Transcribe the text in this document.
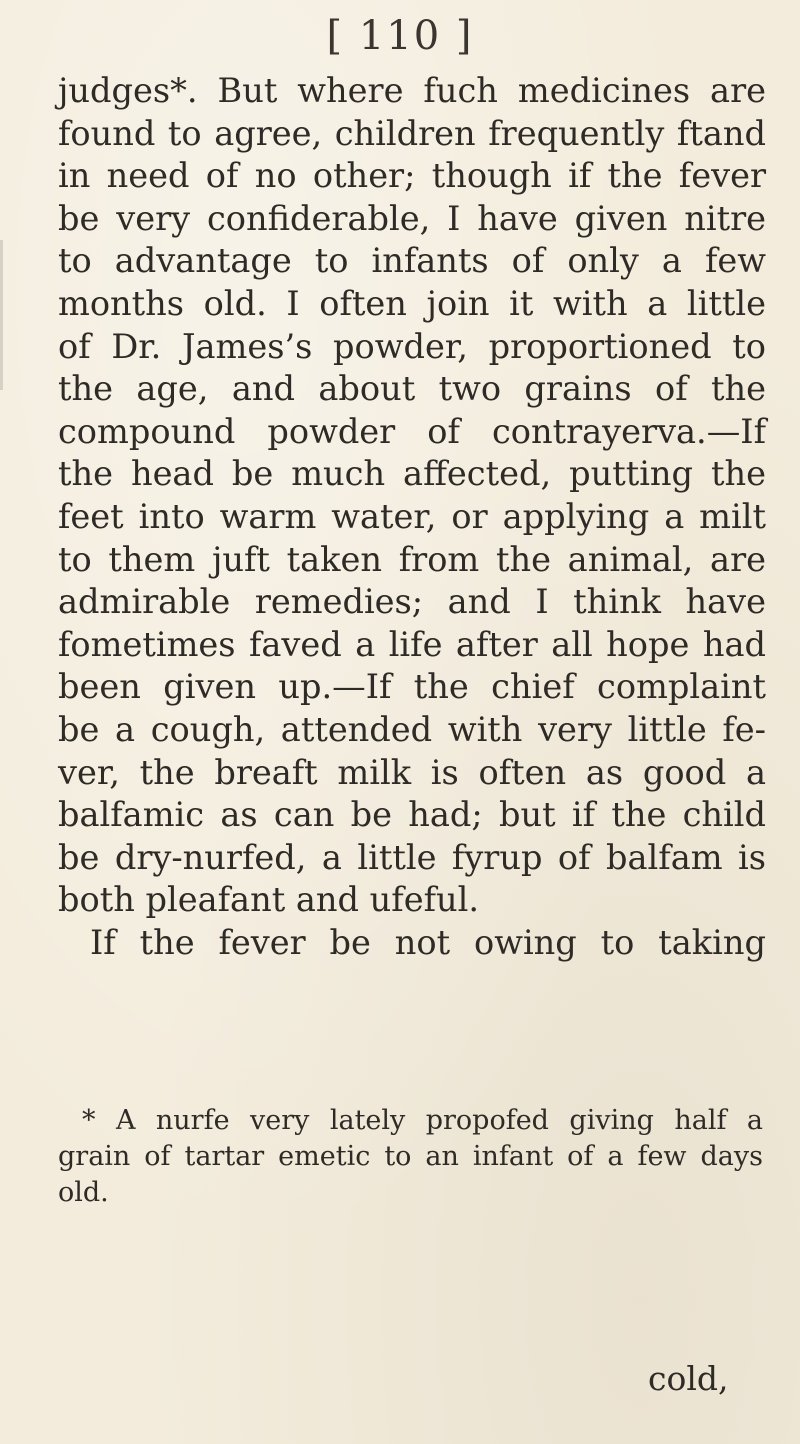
[ 110 ]
judges*. But where fuch medicines are
found to agree, children frequently ftand
in need of no other; though if the fever
be very confiderable, I have given nitre
to advantage to infants of only a few
months old. I often join it with a little
of Dr. James’s powder, proportioned to
the age, and about two grains of the
compound powder of contrayerva.—If
the head be much affected, putting the
feet into warm water, or applying a milt
to them juft taken from the animal, are
admirable remedies; and I think have
fometimes faved a life after all hope had
been given up.—If the chief complaint
be a cough, attended with very little fe-
ver, the breaft milk is often as good a
balfamic as can be had; but if the child
be dry-nurfed, a little fyrup of balfam is
both pleafant and ufeful.
If the fever be not owing to taking
* A nurfe very lately propofed giving half a
grain of tartar emetic to an infant of a few days
old.
cold,
